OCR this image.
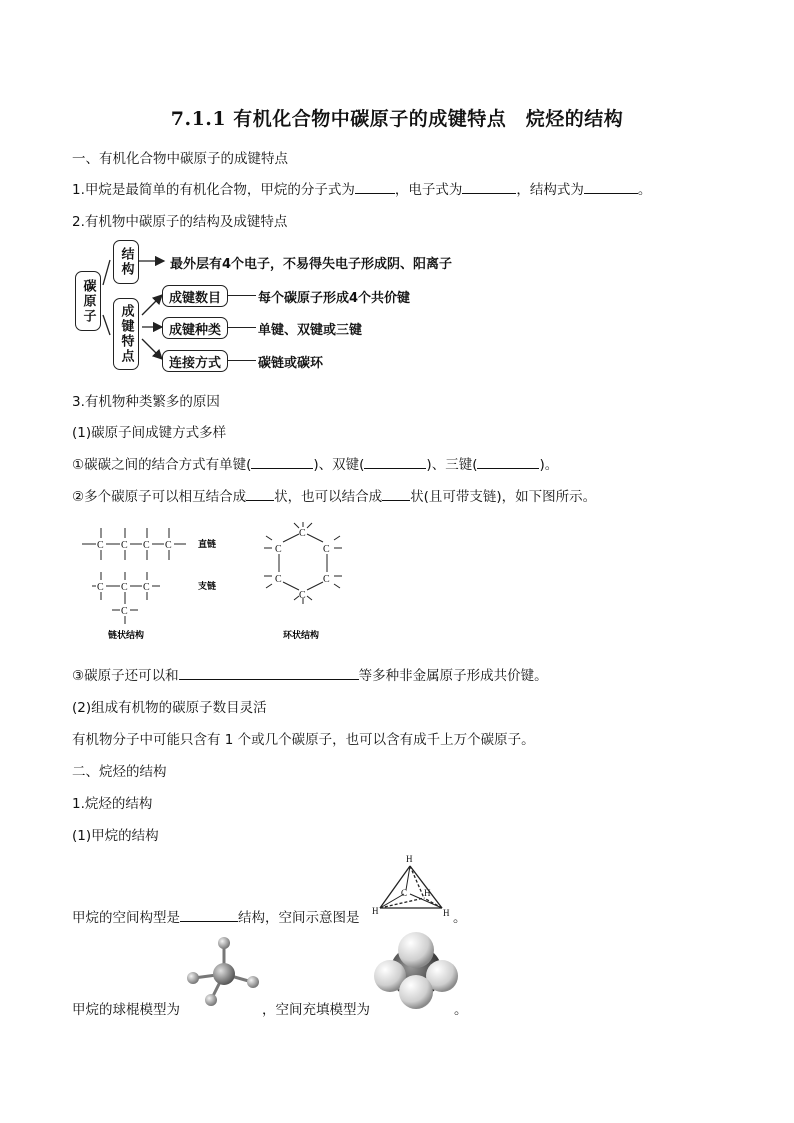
7.1.1 有机化合物中碳原子的成键特点　烷烃的结构
一、有机化合物中碳原子的成键特点
1.甲烷是最简单的有机化合物，甲烷的分子式为	，电子式为	，结构式为	。
2.有机物中碳原子的结构及成键特点
碳原子
结构
成键特点
最外层有4个电子，不易得失电子形成阴、阳离子
成键数目	每个碳原子形成4个共价键
成键种类	单键、双键或三键
连接方式	碳链或碳环
3.有机物种类繁多的原因
(1)碳原子间成键方式多样
①碳碳之间的结合方式有单键(	)、双键(	)、三键(	)。
②多个碳原子可以相互结合成 状，也可以结合成 状(且可带支链)，如下图所示。
C C C C	直链
C C C
C
支链
链状结构
C
C
C
C
C
C
环状结构
③碳原子还可以和	等多种非金属原子形成共价键。
(2)组成有机物的碳原子数目灵活
有机物分子中可能只含有 1 个或几个碳原子，也可以含有成千上万个碳原子。
二、烷烃的结构
1.烷烃的结构
(1)甲烷的结构
甲烷的空间构型是	结构，空间示意图是
H
C H
H	H 。
甲烷的球棍模型为	，空间充填模型为	。
